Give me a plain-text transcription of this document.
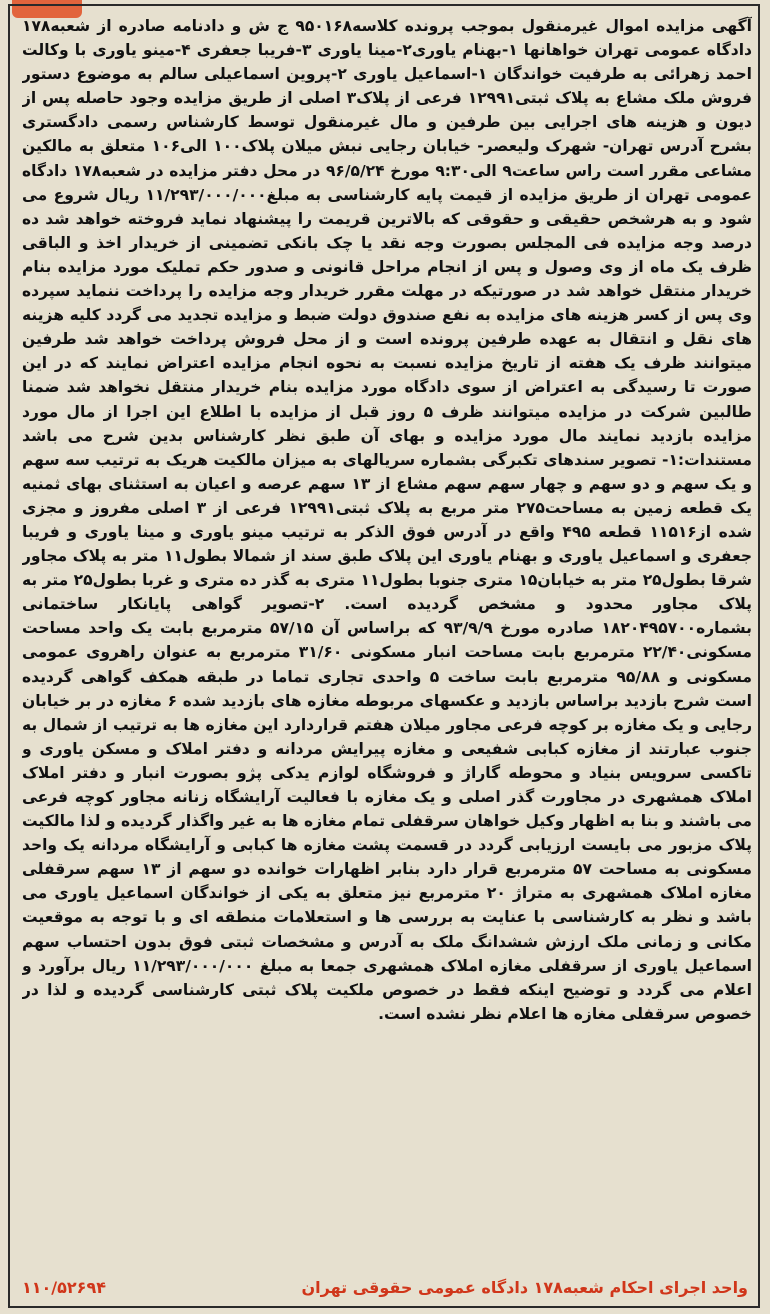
آگهی مزایده اموال غیرمنقول بموجب پرونده کلاسه۹۵۰۱۶۸ ج ش و دادنامه صادره از شعبه۱۷۸ دادگاه عمومی تهران خواهانها ۱-بهنام یاوری۲-مینا یاوری ۳-فریبا جعفری ۴-مینو یاوری با وکالت احمد زهرائی به طرفیت خواندگان ۱-اسماعیل یاوری ۲-پروین اسماعیلی سالم به موضوع دستور فروش ملک مشاع به پلاک ثبتی۱۲۹۹۱ فرعی از پلاک۳ اصلی از طریق مزایده وجود حاصله پس از دیون و هزینه های اجرایی بین طرفین و مال غیرمنقول توسط کارشناس رسمی دادگستری بشرح آدرس تهران- شهرک ولیعصر- خیابان رجایی نبش میلان پلاک۱۰۰ الی۱۰۶ متعلق به مالکین مشاعی مقرر است راس ساعت۹ الی۹:۳۰ مورخ ۹۶/۵/۲۴ در محل دفتر مزایده در شعبه۱۷۸ دادگاه عمومی تهران از طریق مزایده از قیمت پایه کارشناسی به مبلغ۱۱/۲۹۳/۰۰۰/۰۰۰ ریال شروع می شود و به هرشخص حقیقی و حقوقی که بالاترین قریمت را پیشنهاد نماید فروخته خواهد شد ده درصد وجه مزایده فی المجلس بصورت وجه نقد یا چک بانکی تضمینی از خریدار اخذ و الباقی ظرف یک ماه از وی وصول و پس از انجام مراحل قانونی و صدور حکم تملیک مورد مزایده بنام خریدار منتقل خواهد شد در صورتیکه در مهلت مقرر خریدار وجه مزایده را پرداخت ننماید سپرده وی پس از کسر هزینه های مزایده به نفع صندوق دولت ضبط و مزایده تجدید می گردد کلیه هزینه های نقل و انتقال به عهده طرفین پرونده است و از محل فروش پرداخت خواهد شد طرفین میتوانند ظرف یک هفته از تاریخ مزایده نسبت به نحوه انجام مزایده اعتراض نمایند که در این صورت تا رسیدگی به اعتراض از سوی دادگاه مورد مزایده بنام خریدار منتقل نخواهد شد ضمنا طالبین شرکت در مزایده میتوانند ظرف ۵ روز قبل از مزایده با اطلاع این اجرا از مال مورد مزایده بازدید نمایند مال مورد مزایده و بهای آن طبق نظر کارشناس بدین شرح می باشد مستندات:۱- تصویر سندهای تکبرگی بشماره سریالهای به میزان مالکیت هریک به ترتیب سه سهم و یک سهم و دو سهم و چهار سهم سهم مشاع از ۱۳ سهم عرصه و اعیان به استثنای بهای ثمنیه یک قطعه زمین به مساحت۲۷۵ متر مربع به پلاک ثبتی۱۲۹۹۱ فرعی از ۳ اصلی مفروز و مجزی شده از۱۱۵۱۶ قطعه ۴۹۵ واقع در آدرس فوق الذکر به ترتیب مینو یاوری و مینا یاوری و فریبا جعفری و اسماعیل یاوری و بهنام یاوری این پلاک طبق سند از شمالا بطول۱۱ متر به پلاک مجاور شرقا بطول۲۵ متر به خیابان۱۵ متری جنوبا بطول۱۱ متری به گذر ده متری و غربا بطول۲۵ متر به پلاک مجاور محدود و مشخص گردیده است. ۲-تصویر گواهی پایانکار ساختمانی بشماره۱۸۲۰۴۹۵۷۰۰ صادره مورخ ۹۳/۹/۹ که براساس آن ۵۷/۱۵ مترمربع بابت یک واحد مساحت مسکونی۲۲/۴۰ مترمربع بابت مساحت انبار مسکونی ۳۱/۶۰ مترمربع به عنوان راهروی عمومی مسکونی و ۹۵/۸۸ مترمربع بابت ساخت ۵ واحدی تجاری تماما در طبقه همکف گواهی گردیده است شرح بازدید براساس بازدید و عکسهای مربوطه مغازه های بازدید شده ۶ مغازه در بر خیابان رجایی و یک مغازه بر کوچه فرعی مجاور میلان هفتم قراردارد این مغازه ها به ترتیب از شمال به جنوب عبارتند از مغازه کبابی شفیعی و مغازه پیرایش مردانه و دفتر املاک و مسکن یاوری و تاکسی سرویس بنیاد و محوطه گاراژ و فروشگاه لوازم یدکی پژو بصورت انبار و دفتر املاک املاک همشهری در مجاورت گذر اصلی و یک مغازه با فعالیت آرایشگاه زنانه مجاور کوچه فرعی می باشند و بنا به اظهار وکیل خواهان سرقفلی تمام مغازه ها به غیر واگذار گردیده و لذا مالکیت پلاک مزبور می بایست ارزیابی گردد در قسمت پشت مغازه ها کبابی و آرایشگاه مردانه یک واحد مسکونی به مساحت ۵۷ مترمربع قرار دارد بنابر اظهارات خوانده دو سهم از ۱۳ سهم سرقفلی مغازه املاک همشهری به متراژ ۲۰ مترمربع نیز متعلق به یکی از خواندگان اسماعیل یاوری می باشد و نظر به کارشناسی با عنایت به بررسی ها و استعلامات منطقه ای و با توجه به موقعیت مکانی و زمانی ملک ارزش ششدانگ ملک به آدرس و مشخصات ثبتی فوق بدون احتساب سهم اسماعیل یاوری از سرقفلی مغازه املاک همشهری جمعا به مبلغ ۱۱/۲۹۳/۰۰۰/۰۰۰ ریال برآورد و اعلام می گردد و توضیح اینکه فقط در خصوص ملکیت پلاک ثبتی کارشناسی گردیده و لذا در خصوص سرقفلی مغازه ها اعلام نظر نشده است.

واحد اجرای احکام شعبه۱۷۸ دادگاه عمومی حقوقی تهران
۱۱۰/۵۲۶۹۴
